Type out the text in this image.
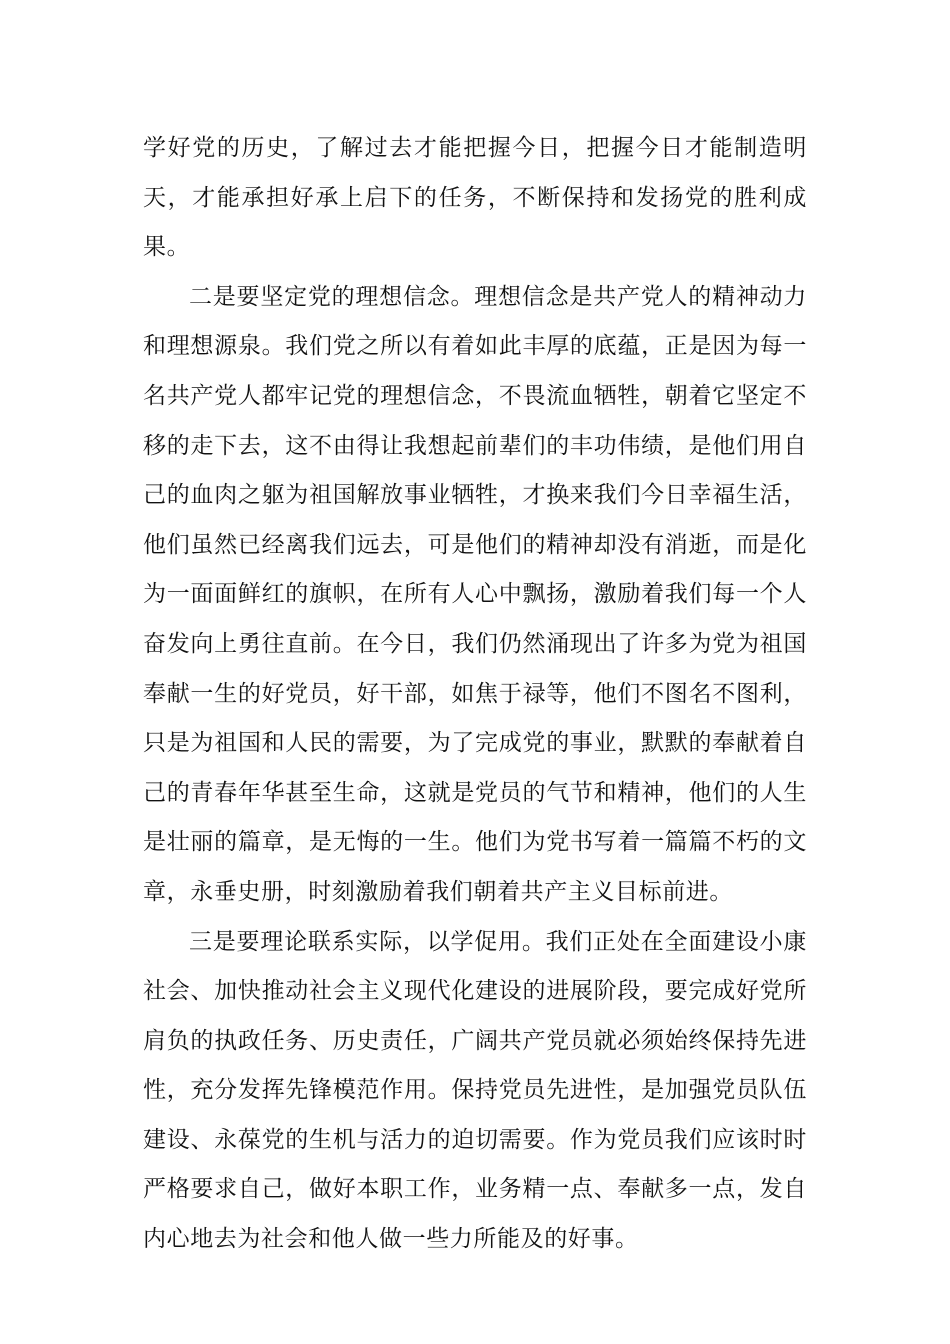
学好党的历史，了解过去才能把握今日，把握今日才能制造明天，才能承担好承上启下的任务，不断保持和发扬党的胜利成果。

二是要坚定党的理想信念。理想信念是共产党人的精神动力和理想源泉。我们党之所以有着如此丰厚的底蕴，正是因为每一名共产党人都牢记党的理想信念，不畏流血牺牲，朝着它坚定不移的走下去，这不由得让我想起前辈们的丰功伟绩，是他们用自己的血肉之躯为祖国解放事业牺牲，才换来我们今日幸福生活，他们虽然已经离我们远去，可是他们的精神却没有消逝，而是化为一面面鲜红的旗帜，在所有人心中飘扬，激励着我们每一个人奋发向上勇往直前。在今日，我们仍然涌现出了许多为党为祖国奉献一生的好党员，好干部，如焦于禄等，他们不图名不图利，只是为祖国和人民的需要，为了完成党的事业，默默的奉献着自己的青春年华甚至生命，这就是党员的气节和精神，他们的人生是壮丽的篇章，是无悔的一生。他们为党书写着一篇篇不朽的文章，永垂史册，时刻激励着我们朝着共产主义目标前进。

三是要理论联系实际，以学促用。我们正处在全面建设小康社会、加快推动社会主义现代化建设的进展阶段，要完成好党所肩负的执政任务、历史责任，广阔共产党员就必须始终保持先进性，充分发挥先锋模范作用。保持党员先进性，是加强党员队伍建设、永葆党的生机与活力的迫切需要。作为党员我们应该时时严格要求自己，做好本职工作，业务精一点、奉献多一点，发自内心地去为社会和他人做一些力所能及的好事。
